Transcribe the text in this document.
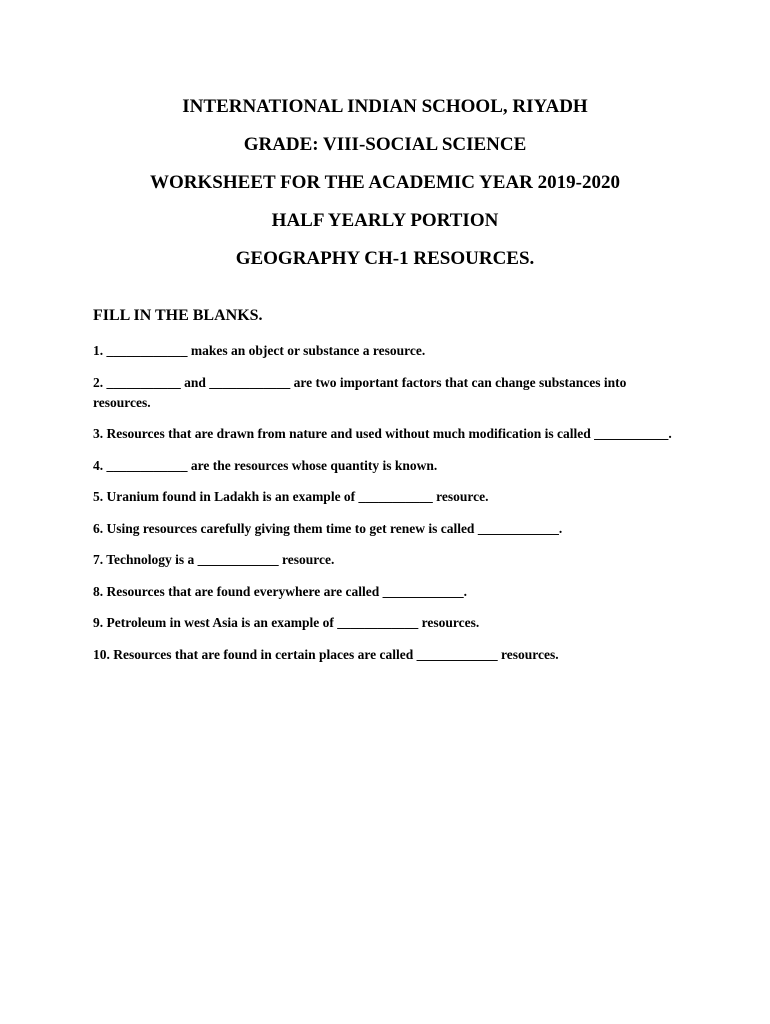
INTERNATIONAL INDIAN SCHOOL, RIYADH

GRADE: VIII-SOCIAL SCIENCE

WORKSHEET FOR THE ACADEMIC YEAR 2019-2020

HALF YEARLY PORTION

GEOGRAPHY CH-1 RESOURCES.

FILL IN THE BLANKS.

1. ____________ makes an object or substance a resource.
2. ___________ and ____________ are two important factors that can change substances into resources.
3. Resources that are drawn from nature and used without much modification is called ___________.
4. ____________ are the resources whose quantity is known.
5. Uranium found in Ladakh is an example of ___________ resource.
6. Using resources carefully giving them time to get renew is called ____________.
7. Technology is a ____________ resource.
8. Resources that are found everywhere are called ____________.
9. Petroleum in west Asia is an example of ____________ resources.
10. Resources that are found in certain places are called ____________ resources.
